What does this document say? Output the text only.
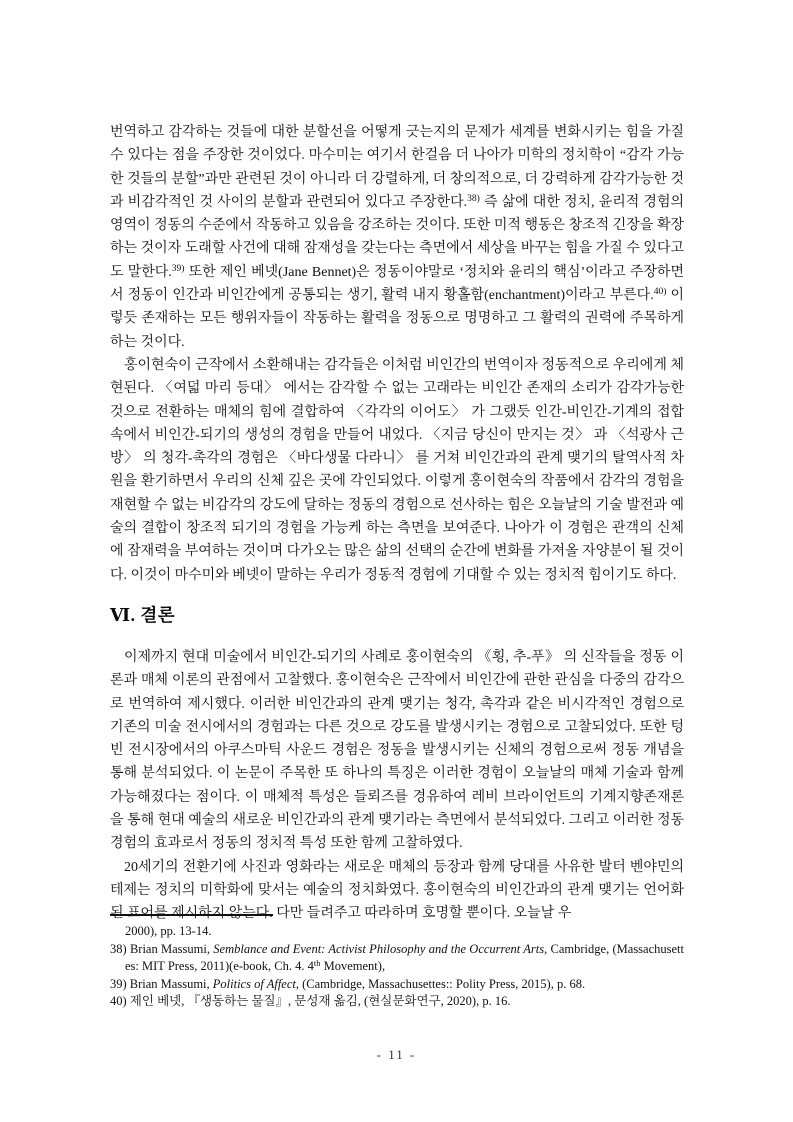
번역하고 감각하는 것들에 대한 분할선을 어떻게 긋는지의 문제가 세계를 변화시키는 힘을 가질 수 있다는 점을 주장한 것이었다. 마수미는 여기서 한걸음 더 나아가 미학의 정치학이 “감각 가능한 것들의 분할”과만 관련된 것이 아니라 더 강렬하게, 더 창의적으로, 더 강력하게 감각가능한 것과 비감각적인 것 사이의 분할과 관련되어 있다고 주장한다.$^{38)}$ 즉 삶에 대한 정치, 윤리적 경험의 영역이 정동의 수준에서 작동하고 있음을 강조하는 것이다. 또한 미적 행동은 창조적 긴장을 확장하는 것이자 도래할 사건에 대해 잠재성을 갖는다는 측면에서 세상을 바꾸는 힘을 가질 수 있다고도 말한다.$^{39)}$ 또한 제인 베넷(Jane Bennet)은 정동이야말로 ‘정치와 윤리의 핵심’이라고 주장하면서 정동이 인간과 비인간에게 공통되는 생기, 활력 내지 황홀함(enchantment)이라고 부른다.$^{40)}$ 이렇듯 존재하는 모든 행위자들이 작동하는 활력을 정동으로 명명하고 그 활력의 권력에 주목하게 하는 것이다.

홍이현숙이 근작에서 소환해내는 감각들은 이처럼 비인간의 번역이자 정동적으로 우리에게 체현된다. 〈여덟 마리 등대〉 에서는 감각할 수 없는 고래라는 비인간 존재의 소리가 감각가능한 것으로 전환하는 매체의 힘에 결합하여 〈각각의 이어도〉 가 그랬듯 인간-비인간-기계의 접합 속에서 비인간-되기의 생성의 경험을 만들어 내었다. 〈지금 당신이 만지는 것〉 과 〈석광사 근방〉 의 청각-촉각의 경험은 〈바다생물 다라니〉 를 거쳐 비인간과의 관계 맺기의 탈역사적 차원을 환기하면서 우리의 신체 깊은 곳에 각인되었다. 이렇게 홍이현숙의 작품에서 감각의 경험을 재현할 수 없는 비감각의 강도에 달하는 정동의 경험으로 선사하는 힘은 오늘날의 기술 발전과 예술의 결합이 창조적 되기의 경험을 가능케 하는 측면을 보여준다. 나아가 이 경험은 관객의 신체에 잠재력을 부여하는 것이며 다가오는 많은 삶의 선택의 순간에 변화를 가져올 자양분이 될 것이다. 이것이 마수미와 베넷이 말하는 우리가 정동적 경험에 기대할 수 있는 정치적 힘이기도 하다.

Ⅵ. 결론

이제까지 현대 미술에서 비인간-되기의 사례로 홍이현숙의 《횡, 추-푸》 의 신작들을 정동 이론과 매체 이론의 관점에서 고찰했다. 홍이현숙은 근작에서 비인간에 관한 관심을 다중의 감각으로 번역하여 제시했다. 이러한 비인간과의 관계 맺기는 청각, 촉각과 같은 비시각적인 경험으로 기존의 미술 전시에서의 경험과는 다른 것으로 강도를 발생시키는 경험으로 고찰되었다. 또한 텅 빈 전시장에서의 아쿠스마틱 사운드 경험은 정동을 발생시키는 신체의 경험으로써 정동 개념을 통해 분석되었다. 이 논문이 주목한 또 하나의 특징은 이러한 경험이 오늘날의 매체 기술과 함께 가능해졌다는 점이다. 이 매체적 특성은 들뢰즈를 경유하여 레비 브라이언트의 기계지향존재론을 통해 현대 예술의 새로운 비인간과의 관계 맺기라는 측면에서 분석되었다. 그리고 이러한 정동 경험의 효과로서 정동의 정치적 특성 또한 함께 고찰하였다.

20세기의 전환기에 사진과 영화라는 새로운 매체의 등장과 함께 당대를 사유한 발터 벤야민의 테제는 정치의 미학화에 맞서는 예술의 정치화였다. 홍이현숙의 비인간과의 관계 맺기는 언어화된 표어를 제시하지 않는다. 다만 들려주고 따라하며 호명할 뿐이다. 오늘날 우

2000), pp. 13-14.

38) Brian Massumi, Semblance and Event: Activist Philosophy and the Occurrent Arts, Cambridge, (Massachusettes: MIT Press, 2011)(e-book, Ch. 4. 4th Movement),

39) Brian Massumi, Politics of Affect, (Cambridge, Massachusettes:: Polity Press, 2015), p. 68.

40) 제인 베넷, 『생동하는 물질』, 문성재 옮김, (현실문화연구, 2020), p. 16.

- 11 -
